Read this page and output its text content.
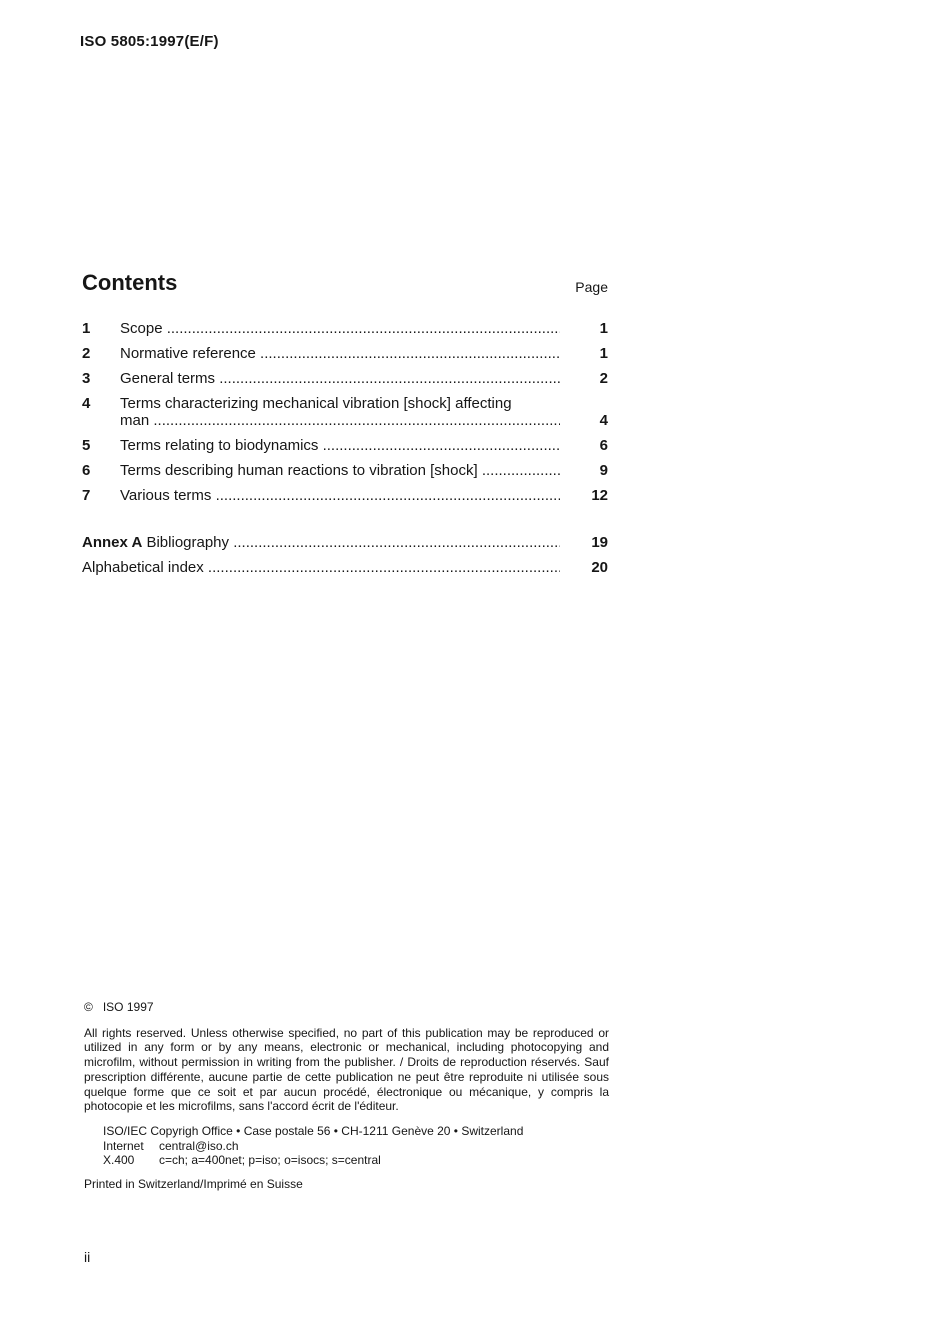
ISO 5805:1997(E/F)
Contents	Page
1 Scope .....	1
2 Normative reference .....	1
3 General terms .....	2
4 Terms characterizing mechanical vibration [shock] affecting
man .....	4
5 Terms relating to biodynamics .....	6
6 Terms describing human reactions to vibration [shock] .....	9
7 Various terms .....	12
Annex A Bibliography .....	19
Alphabetical index .....	20
© ISO 1997
All rights reserved. Unless otherwise specified, no part of this publication may be reproduced or utilized in any form or by any means, electronic or mechanical, including photocopying and microfilm, without permission in writing from the publisher. / Droits de reproduction réservés. Sauf prescription différente, aucune partie de cette publication ne peut être reproduite ni utilisée sous quelque forme que ce soit et par aucun procédé, électronique ou mécanique, y compris la photocopie et les microfilms, sans l'accord écrit de l'éditeur.
ISO/IEC Copyrigh Office • Case postale 56 • CH-1211 Genève 20 • Switzerland
Internet	central@iso.ch
X.400	c=ch; a=400net; p=iso; o=isocs; s=central
Printed in Switzerland/Imprimé en Suisse
ii
